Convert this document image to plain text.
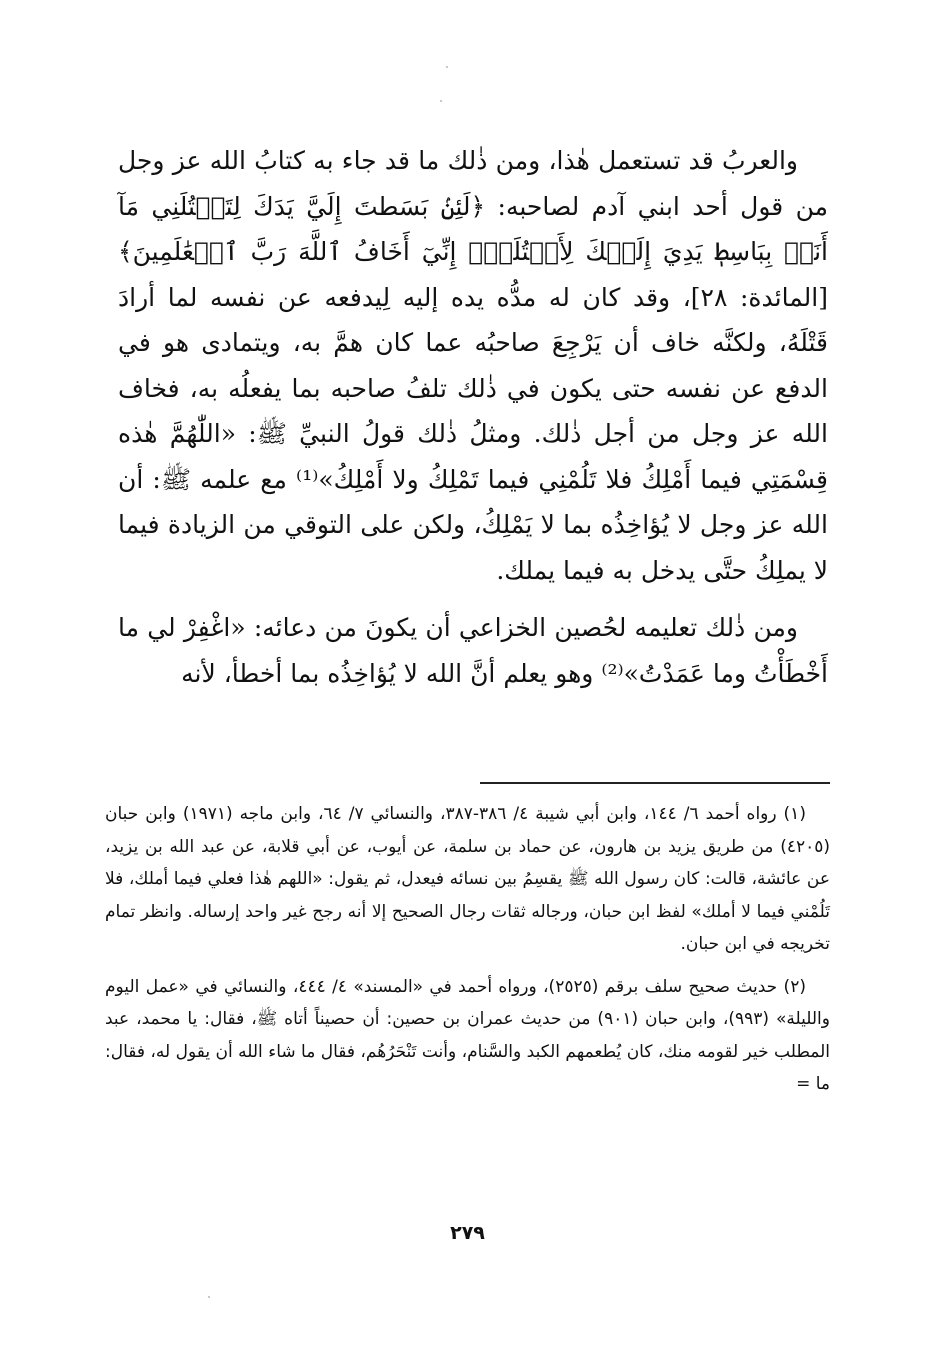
والعربُ قد تستعمل هٰذا، ومن ذٰلك ما قد جاء به كتابُ الله عز وجل من قول أحد ابني آدم لصاحبه: ﴿لَئِنۢ بَسَطتَ إِلَيَّ يَدَكَ لِتَقۡتُلَنِي مَآ أَنَا۠ بِبَاسِطٖ يَدِيَ إِلَيۡكَ لِأَقۡتُلَكَۖ إِنِّيٓ أَخَافُ ٱللَّهَ رَبَّ ٱلۡعَٰلَمِينَ﴾ [المائدة: ٢٨]، وقد كان له مدُّه يده إليه لِيدفعه عن نفسه لما أرادَ قَتْلَهُ، ولكنَّه خاف أن يَرْجِعَ صاحبُه عما كان همَّ به، ويتمادى هو في الدفع عن نفسه حتى يكون في ذٰلك تلفُ صاحبه بما يفعلُه به، فخاف الله عز وجل من أجل ذٰلك. ومثلُ ذٰلك قولُ النبيِّ ﷺ: «اللّٰهُمَّ هٰذه قِسْمَتِي فيما أَمْلِكُ فلا تَلُمْنِي فيما تَمْلِكُ ولا أَمْلِكُ»⁽¹⁾ مع علمه ﷺ: أن الله عز وجل لا يُؤاخِذُه بما لا يَمْلِكُ، ولكن على التوقي من الزيادة فيما لا يملِكُ حتَّى يدخل به فيما يملك.

ومن ذٰلك تعليمه لحُصين الخزاعي أن يكونَ من دعائه: «اغْفِرْ لي ما أَخْطَأْتُ وما عَمَدْتُ»⁽²⁾ وهو يعلم أنَّ الله لا يُؤاخِذُه بما أخطأ، لأنه

(١) رواه أحمد ٦/ ١٤٤، وابن أبي شيبة ٤/ ٣٨٦-٣٨٧، والنسائي ٧/ ٦٤، وابن ماجه (١٩٧١) وابن حبان (٤٢٠٥) من طريق يزيد بن هارون، عن حماد بن سلمة، عن أيوب، عن أبي قلابة، عن عبد الله بن يزيد، عن عائشة، قالت: كان رسول الله ﷺ يقسِمُ بين نسائه فيعدل، ثم يقول: «اللهم هٰذا فعلي فيما أملك، فلا تَلُمْني فيما لا أملك» لفظ ابن حبان، ورجاله ثقات رجال الصحيح إلا أنه رجح غير واحد إرساله. وانظر تمام تخريجه في ابن حبان.

(٢) حديث صحيح سلف برقم (٢٥٢٥)، ورواه أحمد في «المسند» ٤/ ٤٤٤، والنسائي في «عمل اليوم والليلة» (٩٩٣)، وابن حبان (٩٠١) من حديث عمران بن حصين: أن حصيناً أتاه ﷺ، فقال: يا محمد، عبد المطلب خير لقومه منك، كان يُطعمهم الكبد والسَّنام، وأنت تَنْحَرُهُم، فقال ما شاء الله أن يقول له، فقال: ما =

٢٧٩
